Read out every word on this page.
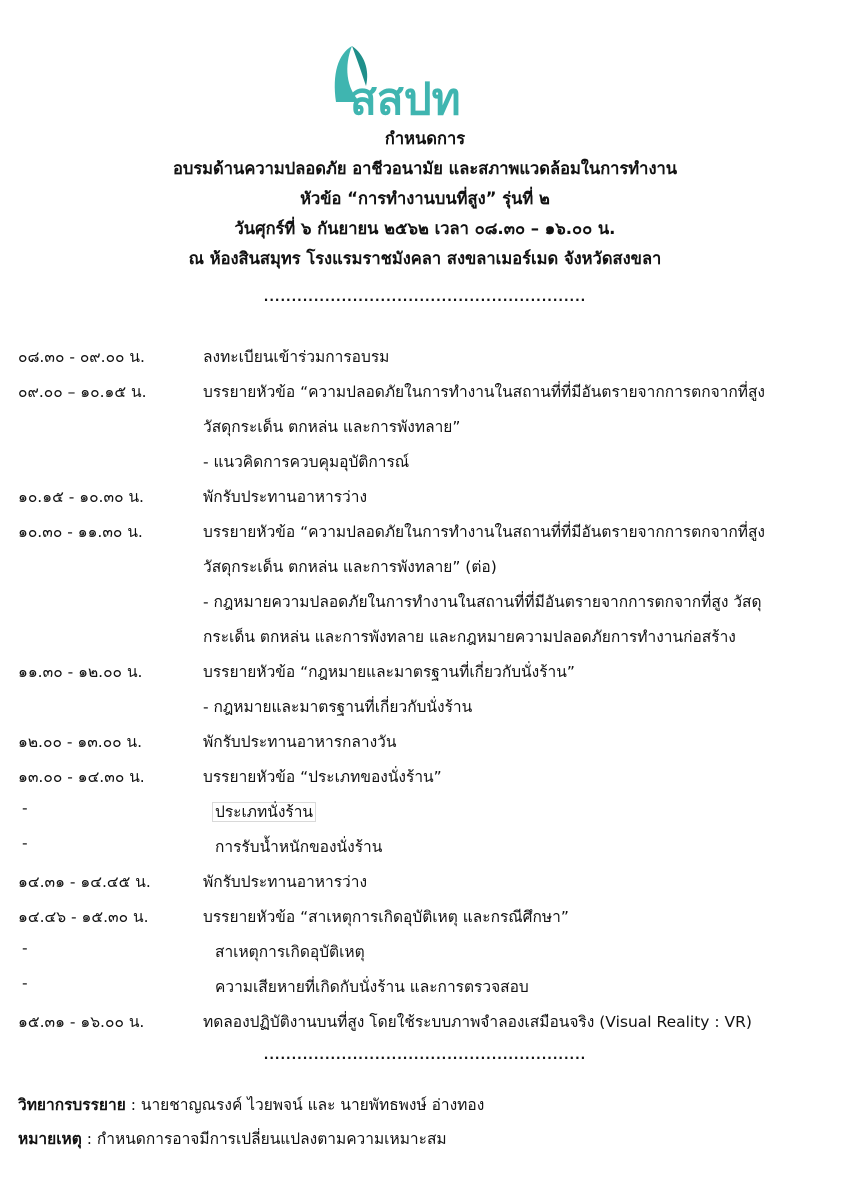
สสปท
กำหนดการ
อบรมด้านความปลอดภัย อาชีวอนามัย และสภาพแวดล้อมในการทำงาน
หัวข้อ “การทำงานบนที่สูง” รุ่นที่ ๒
วันศุกร์ที่ ๖ กันยายน ๒๕๖๒ เวลา ๐๘.๓๐ – ๑๖.๐๐ น.
ณ ห้องสินสมุทร โรงแรมราชมังคลา สงขลาเมอร์เมด จังหวัดสงขลา
..........................................................
๐๘.๓๐ - ๐๙.๐๐ น.	ลงทะเบียนเข้าร่วมการอบรม
๐๙.๐๐ – ๑๐.๑๕ น.	บรรยายหัวข้อ “ความปลอดภัยในการทำงานในสถานที่ที่มีอันตรายจากการตกจากที่สูง
วัสดุกระเด็น ตกหล่น และการพังทลาย”
- แนวคิดการควบคุมอุบัติการณ์
๑๐.๑๕ - ๑๐.๓๐ น.	พักรับประทานอาหารว่าง
๑๐.๓๐ - ๑๑.๓๐ น.	บรรยายหัวข้อ “ความปลอดภัยในการทำงานในสถานที่ที่มีอันตรายจากการตกจากที่สูง
วัสดุกระเด็น ตกหล่น และการพังทลาย” (ต่อ)
- กฎหมายความปลอดภัยในการทำงานในสถานที่ที่มีอันตรายจากการตกจากที่สูง วัสดุ
กระเด็น ตกหล่น และการพังทลาย และกฎหมายความปลอดภัยการทำงานก่อสร้าง
๑๑.๓๐ - ๑๒.๐๐ น.	บรรยายหัวข้อ “กฎหมายและมาตรฐานที่เกี่ยวกับนั่งร้าน”
- กฎหมายและมาตรฐานที่เกี่ยวกับนั่งร้าน
๑๒.๐๐ - ๑๓.๐๐ น.	พักรับประทานอาหารกลางวัน
๑๓.๐๐ - ๑๔.๓๐ น.	บรรยายหัวข้อ “ประเภทของนั่งร้าน”
-	ประเภทนั่งร้าน
-	การรับน้ำหนักของนั่งร้าน
๑๔.๓๑ - ๑๔.๔๕ น.	พักรับประทานอาหารว่าง
๑๔.๔๖ - ๑๕.๓๐ น.	บรรยายหัวข้อ “สาเหตุการเกิดอุบัติเหตุ และกรณีศึกษา”
-	สาเหตุการเกิดอุบัติเหตุ
-	ความเสียหายที่เกิดกับนั่งร้าน และการตรวจสอบ
๑๕.๓๑ - ๑๖.๐๐ น.	ทดลองปฏิบัติงานบนที่สูง โดยใช้ระบบภาพจำลองเสมือนจริง (Visual Reality : VR)
..........................................................
วิทยากรบรรยาย : นายชาญณรงค์ ไวยพจน์ และ นายพัทธพงษ์ อ่างทอง
หมายเหตุ : กำหนดการอาจมีการเปลี่ยนแปลงตามความเหมาะสม
